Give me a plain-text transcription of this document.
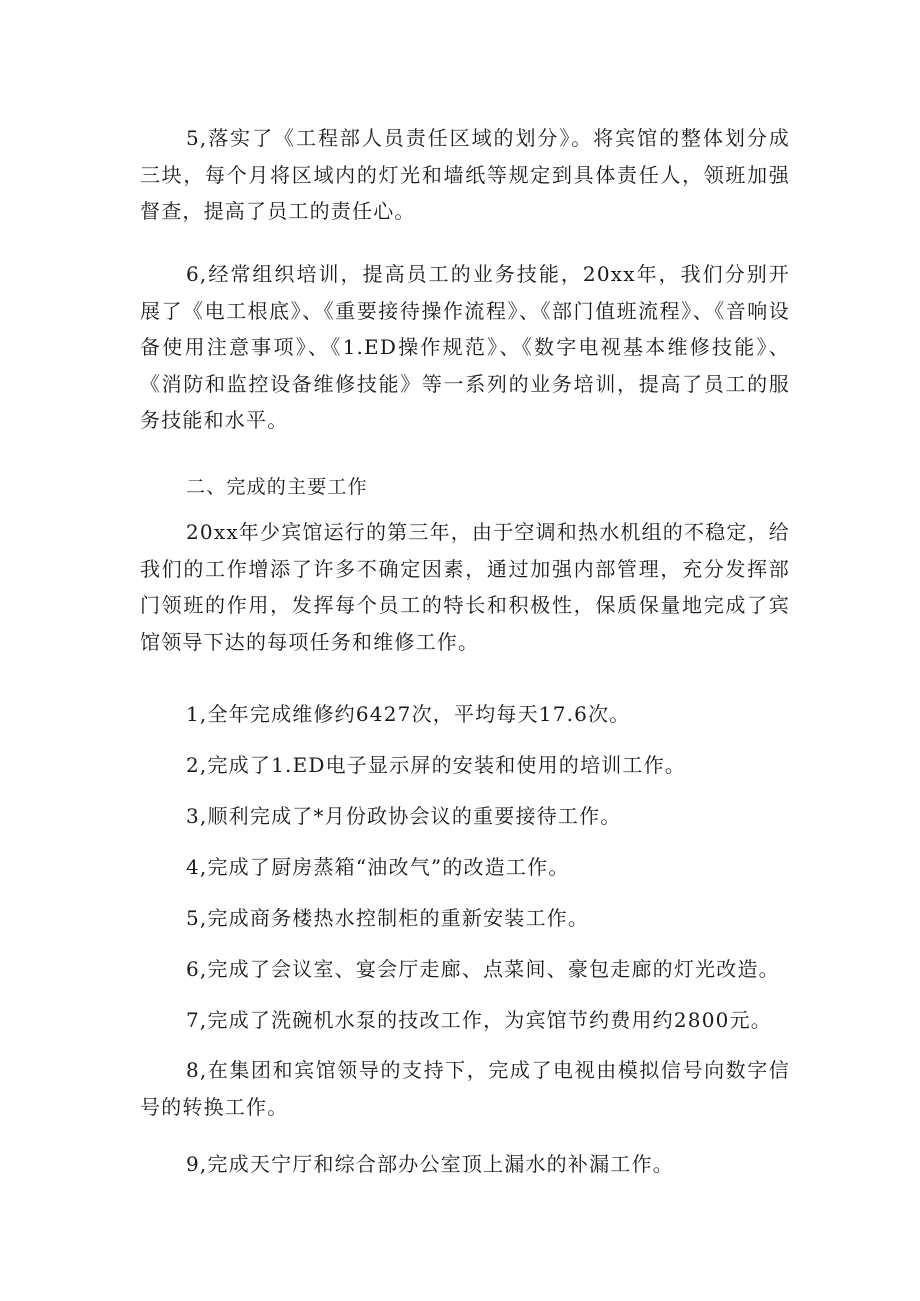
5,落实了《工程部人员责任区域的划分》。将宾馆的整体划分成三块，每个月将区域内的灯光和墙纸等规定到具体责任人，领班加强督查，提高了员工的责任心。

6,经常组织培训，提高员工的业务技能，20xx年，我们分别开展了《电工根底》、《重要接待操作流程》、《部门值班流程》、《音响设备使用注意事项》、《1.ED操作规范》、《数字电视基本维修技能》、《消防和监控设备维修技能》等一系列的业务培训，提高了员工的服务技能和水平。

二、完成的主要工作

20xx年少宾馆运行的第三年，由于空调和热水机组的不稳定，给我们的工作增添了许多不确定因素，通过加强内部管理，充分发挥部门领班的作用，发挥每个员工的特长和积极性，保质保量地完成了宾馆领导下达的每项任务和维修工作。

1,全年完成维修约6427次，平均每天17.6次。

2,完成了1.ED电子显示屏的安装和使用的培训工作。

3,顺利完成了*月份政协会议的重要接待工作。

4,完成了厨房蒸箱“油改气”的改造工作。

5,完成商务楼热水控制柜的重新安装工作。

6,完成了会议室、宴会厅走廊、点菜间、豪包走廊的灯光改造。

7,完成了洗碗机水泵的技改工作，为宾馆节约费用约2800元。

8,在集团和宾馆领导的支持下，完成了电视由模拟信号向数字信号的转换工作。

9,完成天宁厅和综合部办公室顶上漏水的补漏工作。
